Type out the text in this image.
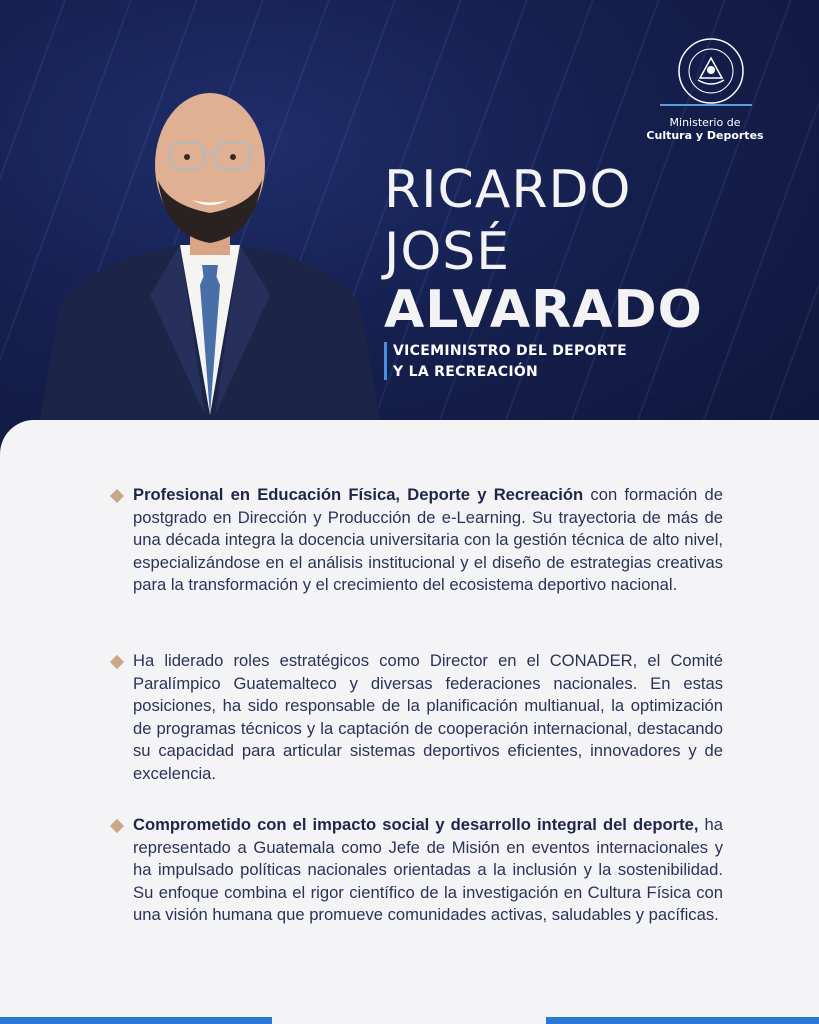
Ministerio de
Cultura y Deportes
RICARDO
JOSÉ
ALVARADO
VICEMINISTRO DEL DEPORTE
Y LA RECREACIÓN

Profesional en Educación Física, Deporte y Recreación con formación de postgrado en Dirección y Producción de e-Learning. Su trayectoria de más de una década integra la docencia universitaria con la gestión técnica de alto nivel, especializándose en el análisis institucional y el diseño de estrategias creativas para la transformación y el crecimiento del ecosistema deportivo nacional.

Ha liderado roles estratégicos como Director en el CONADER, el Comité Paralímpico Guatemalteco y diversas federaciones nacionales. En estas posiciones, ha sido responsable de la planificación multianual, la optimización de programas técnicos y la captación de cooperación internacional, destacando su capacidad para articular sistemas deportivos eficientes, innovadores y de excelencia.

Comprometido con el impacto social y desarrollo integral del deporte, ha representado a Guatemala como Jefe de Misión en eventos internacionales y ha impulsado políticas nacionales orientadas a la inclusión y la sostenibilidad. Su enfoque combina el rigor científico de la investigación en Cultura Física con una visión humana que promueve comunidades activas, saludables y pacíficas.
